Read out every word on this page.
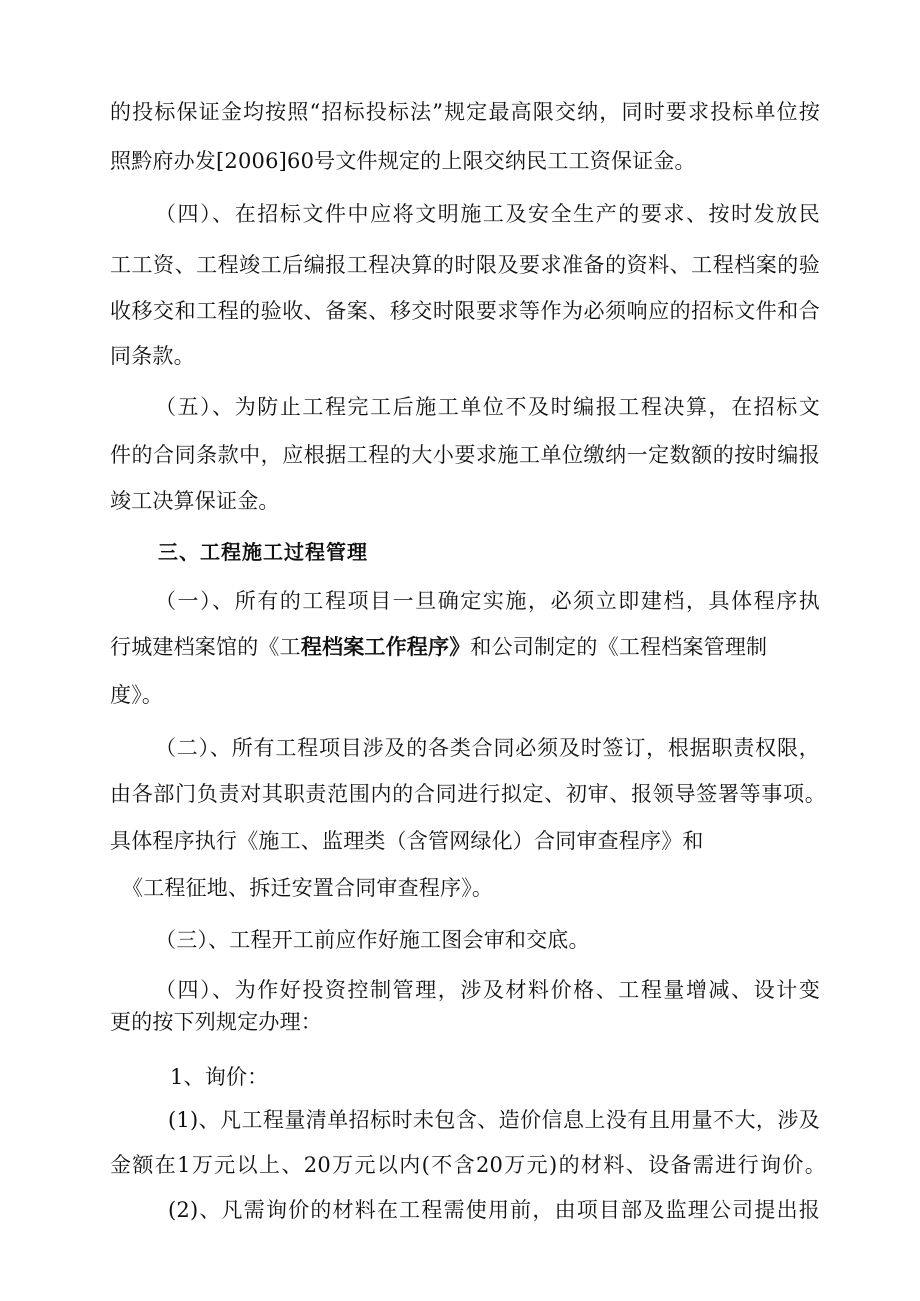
的投标保证金均按照“招标投标法”规定最高限交纳，同时要求投标单位按
照黔府办发[2006]60号文件规定的上限交纳民工工资保证金。
（四）、在招标文件中应将文明施工及安全生产的要求、按时发放民
工工资、工程竣工后编报工程决算的时限及要求准备的资料、工程档案的验
收移交和工程的验收、备案、移交时限要求等作为必须响应的招标文件和合
同条款。
（五）、为防止工程完工后施工单位不及时编报工程决算，在招标文
件的合同条款中，应根据工程的大小要求施工单位缴纳一定数额的按时编报
竣工决算保证金。
三、工程施工过程管理
（一）、所有的工程项目一旦确定实施，必须立即建档，具体程序执
行城建档案馆的《工程档案工作程序》和公司制定的《工程档案管理制
度》。
（二）、所有工程项目涉及的各类合同必须及时签订，根据职责权限，
由各部门负责对其职责范围内的合同进行拟定、初审、报领导签署等事项。
具体程序执行《施工、监理类（含管网绿化）合同审查程序》和
《工程征地、拆迁安置合同审查程序》。
（三）、工程开工前应作好施工图会审和交底。
（四）、为作好投资控制管理，涉及材料价格、工程量增减、设计变
更的按下列规定办理：
1、询价：
(1)、凡工程量清单招标时未包含、造价信息上没有且用量不大，涉及
金额在1万元以上、20万元以内(不含20万元)的材料、设备需进行询价。
(2)、凡需询价的材料在工程需使用前，由项目部及监理公司提出报
